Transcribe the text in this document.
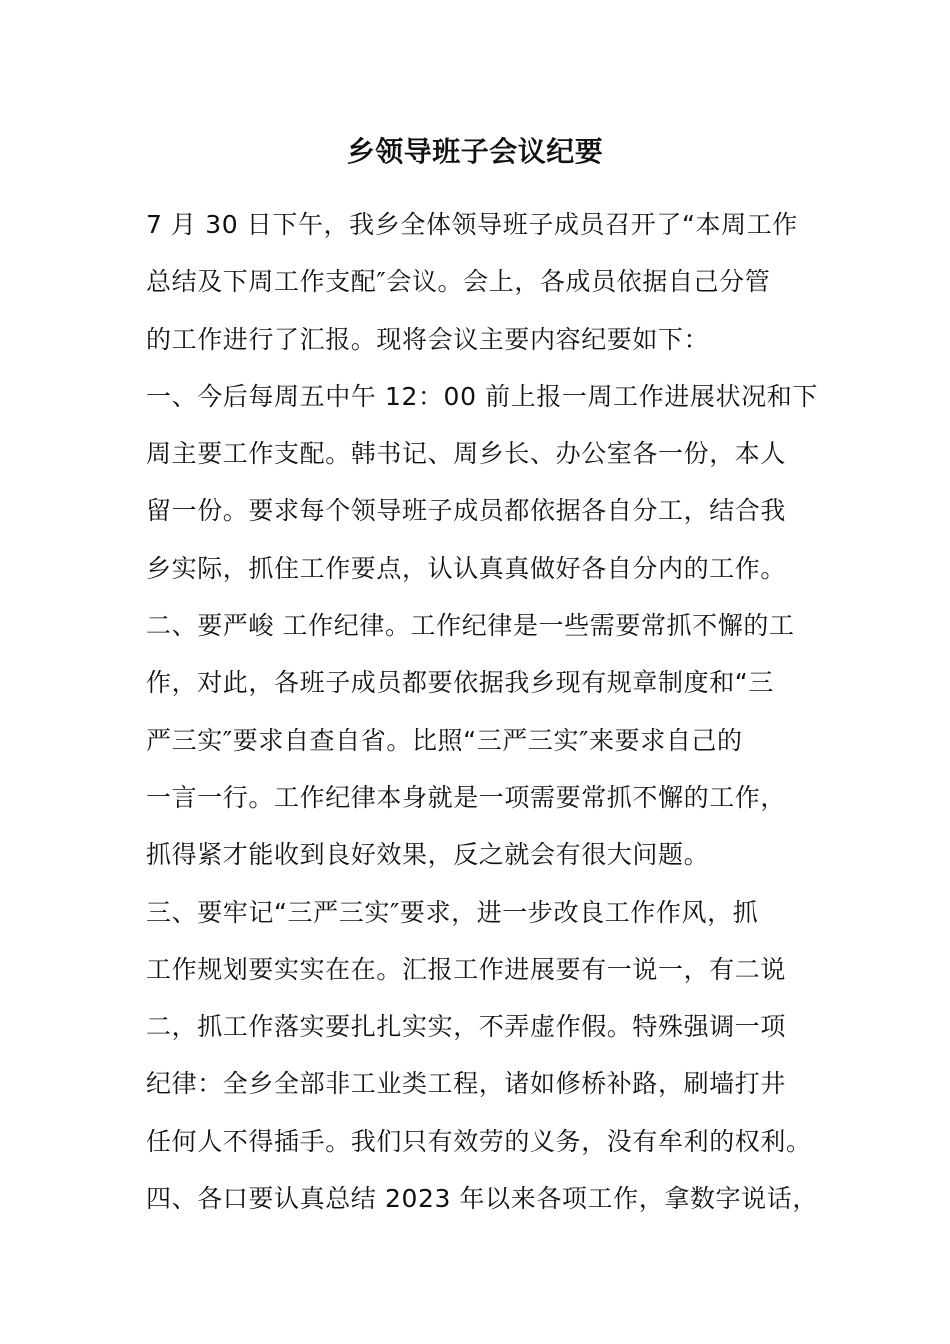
乡领导班子会议纪要
7 月 30 日下午，我乡全体领导班子成员召开了“本周工作
总结及下周工作支配″会议。会上，各成员依据自己分管
的工作进行了汇报。现将会议主要内容纪要如下：
一、今后每周五中午 12：00 前上报一周工作进展状况和下
周主要工作支配。韩书记、周乡长、办公室各一份，本人
留一份。要求每个领导班子成员都依据各自分工，结合我
乡实际，抓住工作要点，认认真真做好各自分内的工作。
二、要严峻 工作纪律。工作纪律是一些需要常抓不懈的工
作，对此，各班子成员都要依据我乡现有规章制度和“三
严三实″要求自查自省。比照“三严三实″来要求自己的
一言一行。工作纪律本身就是一项需要常抓不懈的工作，
抓得紧才能收到良好效果，反之就会有很大问题。
三、要牢记“三严三实″要求，进一步改良工作作风，抓
工作规划要实实在在。汇报工作进展要有一说一，有二说
二，抓工作落实要扎扎实实，不弄虚作假。特殊强调一项
纪律：全乡全部非工业类工程，诸如修桥补路，刷墙打井
任何人不得插手。我们只有效劳的义务，没有牟利的权利。
四、各口要认真总结 2023 年以来各项工作，拿数字说话，
